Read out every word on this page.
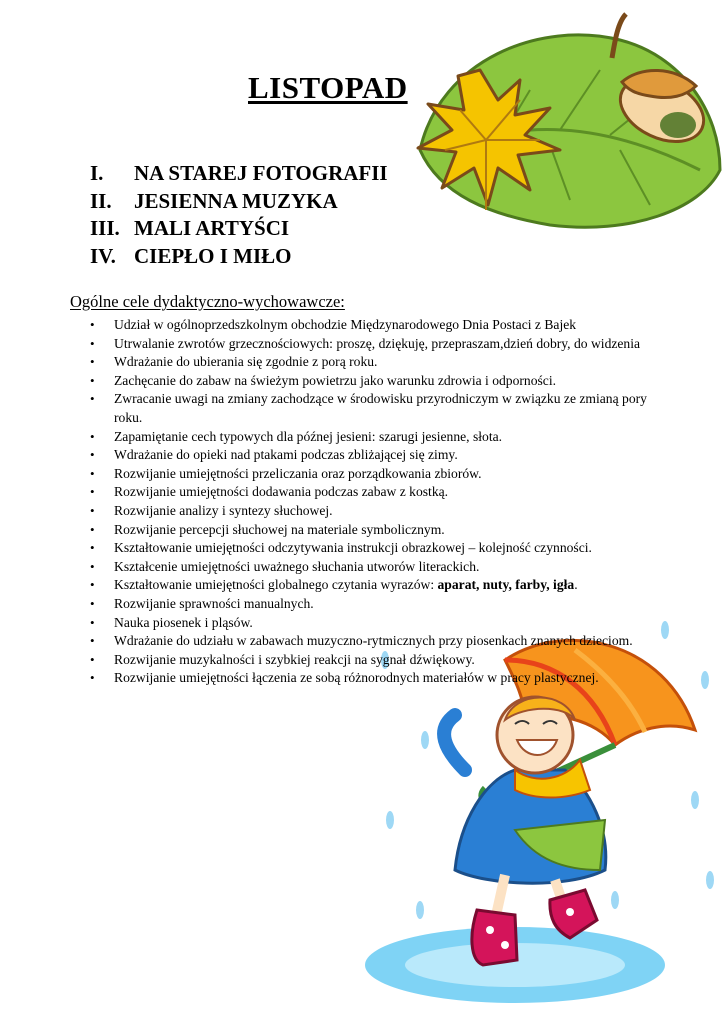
LISTOPAD
I. NA STAREJ FOTOGRAFII
II. JESIENNA MUZYKA
III. MALI ARTYŚCI
IV. CIEPŁO I MIŁO
Ogólne cele dydaktyczno-wychowawcze:
• Udział w ogólnoprzedszkolnym obchodzie Międzynarodowego Dnia Postaci z Bajek
• Utrwalanie zwrotów grzecznościowych: proszę, dziękuję, przepraszam,dzień dobry, do widzenia
• Wdrażanie do ubierania się zgodnie z porą roku.
• Zachęcanie do zabaw na świeżym powietrzu jako warunku zdrowia i odporności.
• Zwracanie uwagi na zmiany zachodzące w środowisku przyrodniczym w związku ze zmianą pory roku.
• Zapamiętanie cech typowych dla późnej jesieni: szarugi jesienne, słota.
• Wdrażanie do opieki nad ptakami podczas zbliżającej się zimy.
• Rozwijanie umiejętności przeliczania oraz porządkowania zbiorów.
• Rozwijanie umiejętności dodawania podczas zabaw z kostką.
• Rozwijanie analizy i syntezy słuchowej.
• Rozwijanie percepcji słuchowej na materiale symbolicznym.
• Kształtowanie umiejętności odczytywania instrukcji obrazkowej – kolejność czynności.
• Kształcenie umiejętności uważnego słuchania utworów literackich.
• Kształtowanie umiejętności globalnego czytania wyrazów: aparat, nuty, farby, igła.
• Rozwijanie sprawności manualnych.
• Nauka piosenek i pląsów.
• Wdrażanie do udziału w zabawach muzyczno-rytmicznych przy piosenkach znanych dzieciom.
• Rozwijanie muzykalności i szybkiej reakcji na sygnał dźwiękowy.
• Rozwijanie umiejętności łączenia ze sobą różnorodnych materiałów w pracy plastycznej.
